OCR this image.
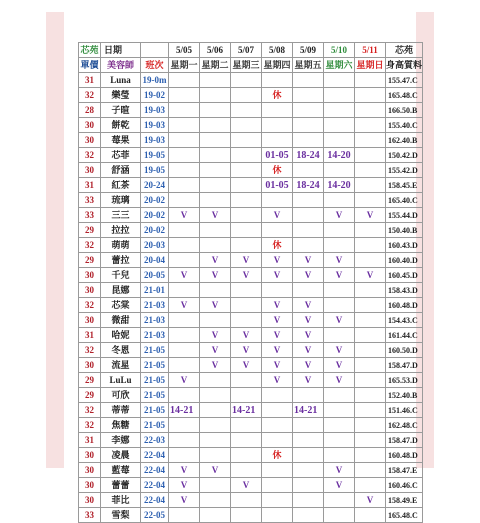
芯苑	日期		5/05	5/06	5/07	5/08	5/09	5/10	5/11	芯苑
單價	美容師	班次	星期一	星期二	星期三	星期四	星期五	星期六	星期日	身高質料
31	Luna	19-0m								155.47.C
32	樂瑩	19-02				休				165.48.C
28	子暄	19-03								166.50.B
30	餅乾	19-03								155.40.C
30	莓果	19-03								162.40.B
32	芯菲	19-05				01-05	18-24	14-20		150.42.D
30	舒涵	19-05				休				155.42.D
31	紅茶	20-24				01-05	18-24	14-20		158.45.E
33	琉璃	20-02								165.40.C
33	三三	20-02	V	V		V		V	V	155.44.D
29	拉拉	20-02								150.40.B
32	萌萌	20-03				休				160.43.D
29	蕾拉	20-04		V	V	V	V	V		160.40.D
30	千兒	20-05	V	V	V	V	V	V	V	160.45.D
30	昆娜	21-01								158.43.D
32	芯棠	21-03	V	V		V	V			160.48.D
30	微甜	21-03				V	V	V		154.43.C
31	哈妮	21-03		V	V	V	V			161.44.C
32	冬恩	21-05		V	V	V	V	V		160.50.D
30	流星	21-05		V	V	V	V	V		158.47.D
29	LuLu	21-05	V			V	V	V		165.53.D
29	可欣	21-05								152.40.B
32	蒂蒂	21-05	14-21		14-21		14-21			151.46.C
32	焦糖	21-05								162.48.C
31	李娜	22-03								158.47.D
30	凌晨	22-04				休				160.48.D
30	藍莓	22-04	V	V				V		158.47.E
30	蕾蕾	22-04	V		V			V		160.46.C
30	菲比	22-04	V						V	158.49.E
33	雪梨	22-05								165.48.C
